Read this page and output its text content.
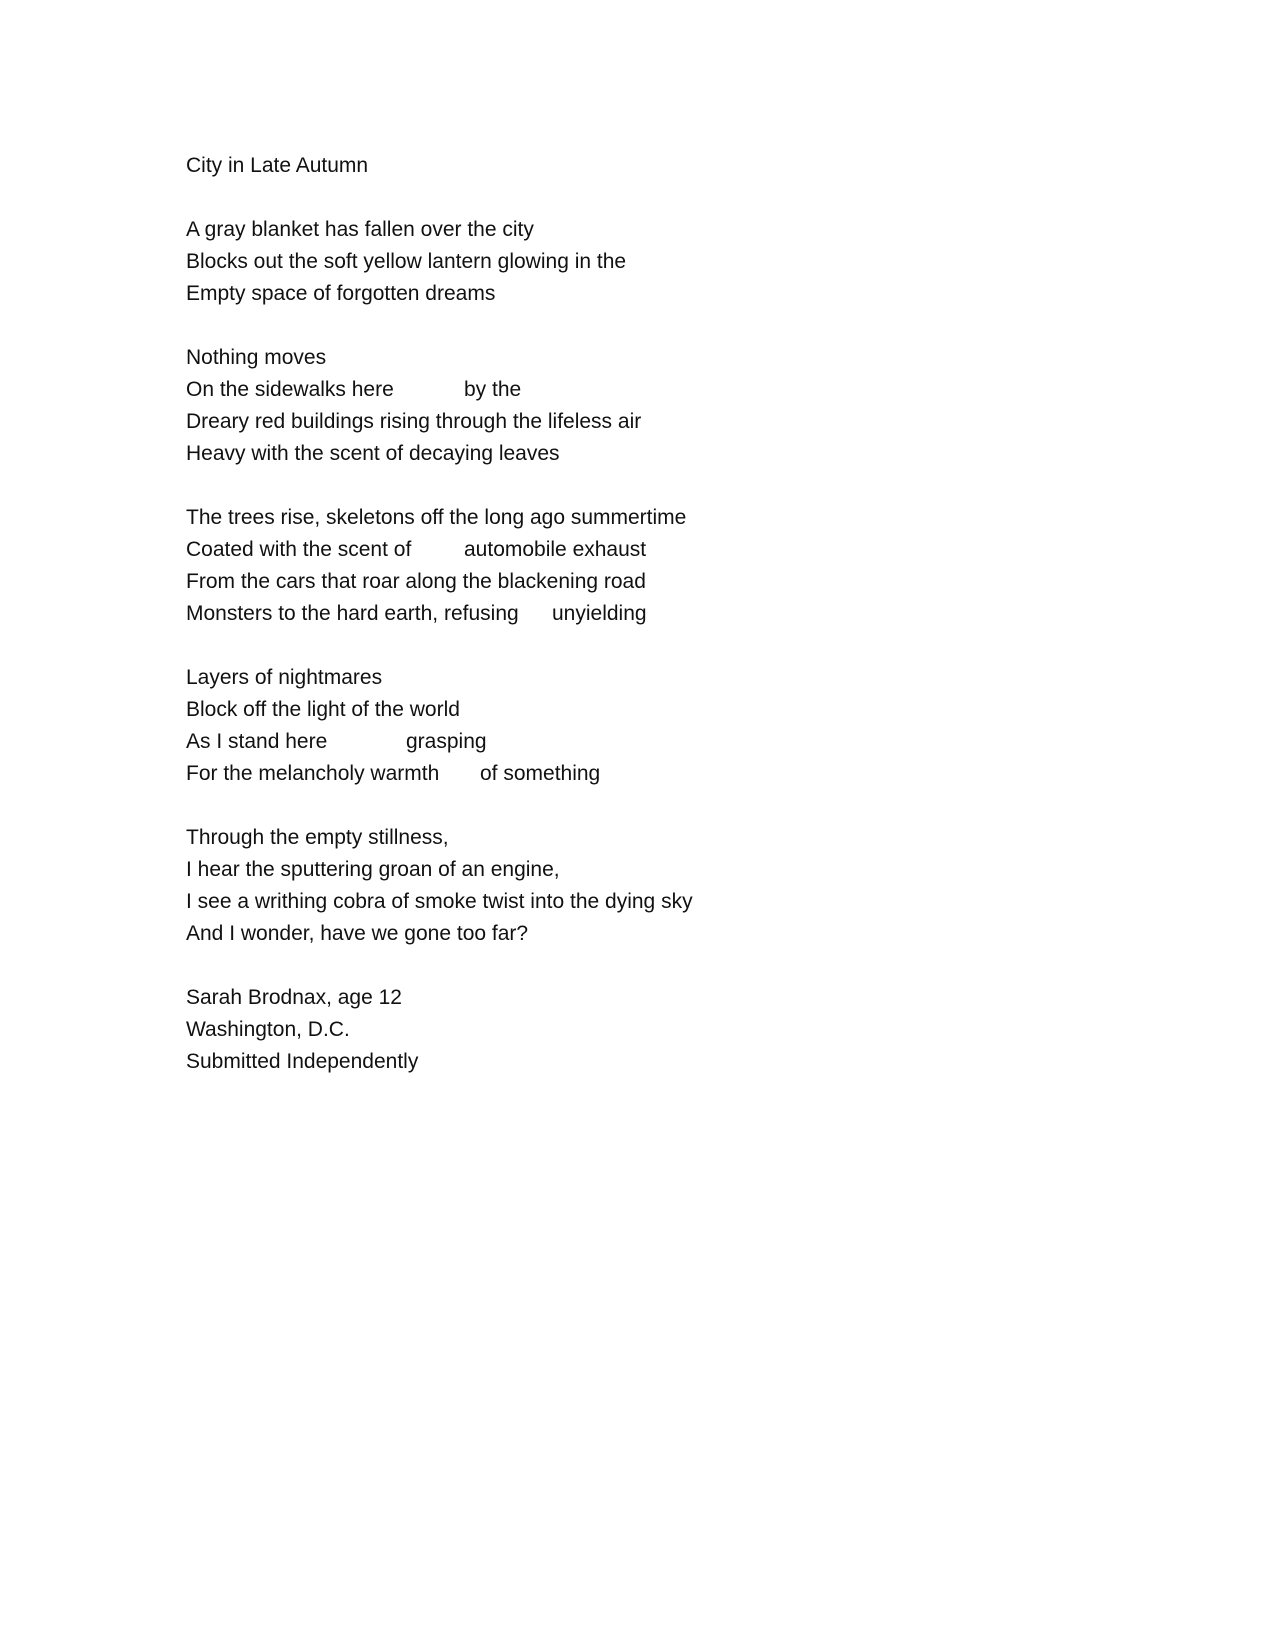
City in Late Autumn
A gray blanket has fallen over the city
Blocks out the soft yellow lantern glowing in the
Empty space of forgotten dreams
Nothing moves
On the sidewalks here	by the
Dreary red buildings rising through the lifeless air
Heavy with the scent of decaying leaves
The trees rise, skeletons off the long ago summertime
Coated with the scent of	automobile exhaust
From the cars that roar along the blackening road
Monsters to the hard earth, refusing unyielding
Layers of nightmares
Block off the light of the world
As I stand here	grasping
For the melancholy warmth of something
Through the empty stillness,
I hear the sputtering groan of an engine,
I see a writhing cobra of smoke twist into the dying sky
And I wonder, have we gone too far?
Sarah Brodnax, age 12
Washington, D.C.
Submitted Independently
